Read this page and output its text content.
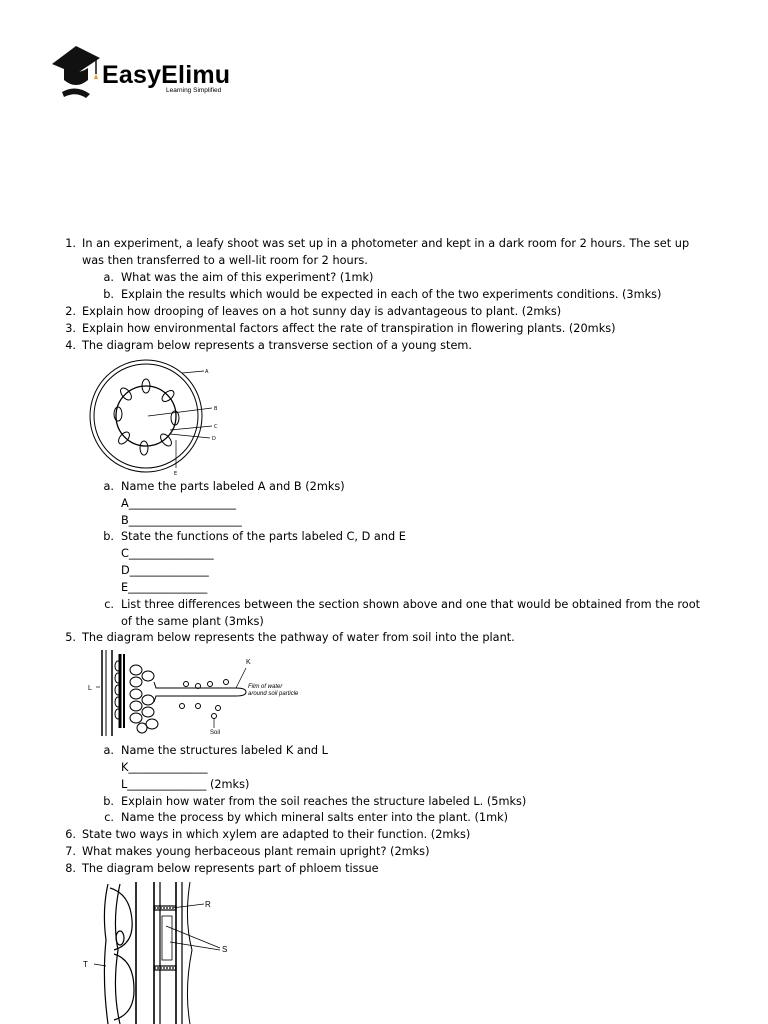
EasyElimu
Learning Simplified
1. In an experiment, a leafy shoot was set up in a photometer and kept in a dark room for 2 hours. The set up
was then transferred to a well-lit room for 2 hours.
a. What was the aim of this experiment? (1mk)
b. Explain the results which would be expected in each of the two experiments conditions. (3mks)
2. Explain how drooping of leaves on a hot sunny day is advantageous to plant. (2mks)
3. Explain how environmental factors affect the rate of transpiration in flowering plants. (20mks)
4. The diagram below represents a transverse section of a young stem.
A
B
C
D
E
a. Name the parts labeled A and B (2mks)
A___________________
B____________________
b. State the functions of the parts labeled C, D and E
C_______________
D______________
E______________
c. List three differences between the section shown above and one that would be obtained from the root
of the same plant (3mks)
5. The diagram below represents the pathway of water from soil into the plant.
K
L	Film of water
around soil particle
Soil
a. Name the structures labeled K and L
K______________
L______________ (2mks)
b. Explain how water from the soil reaches the structure labeled L. (5mks)
c. Name the process by which mineral salts enter into the plant. (1mk)
6. State two ways in which xylem are adapted to their function. (2mks)
7. What makes young herbaceous plant remain upright? (2mks)
8. The diagram below represents part of phloem tissue
R
S
T
